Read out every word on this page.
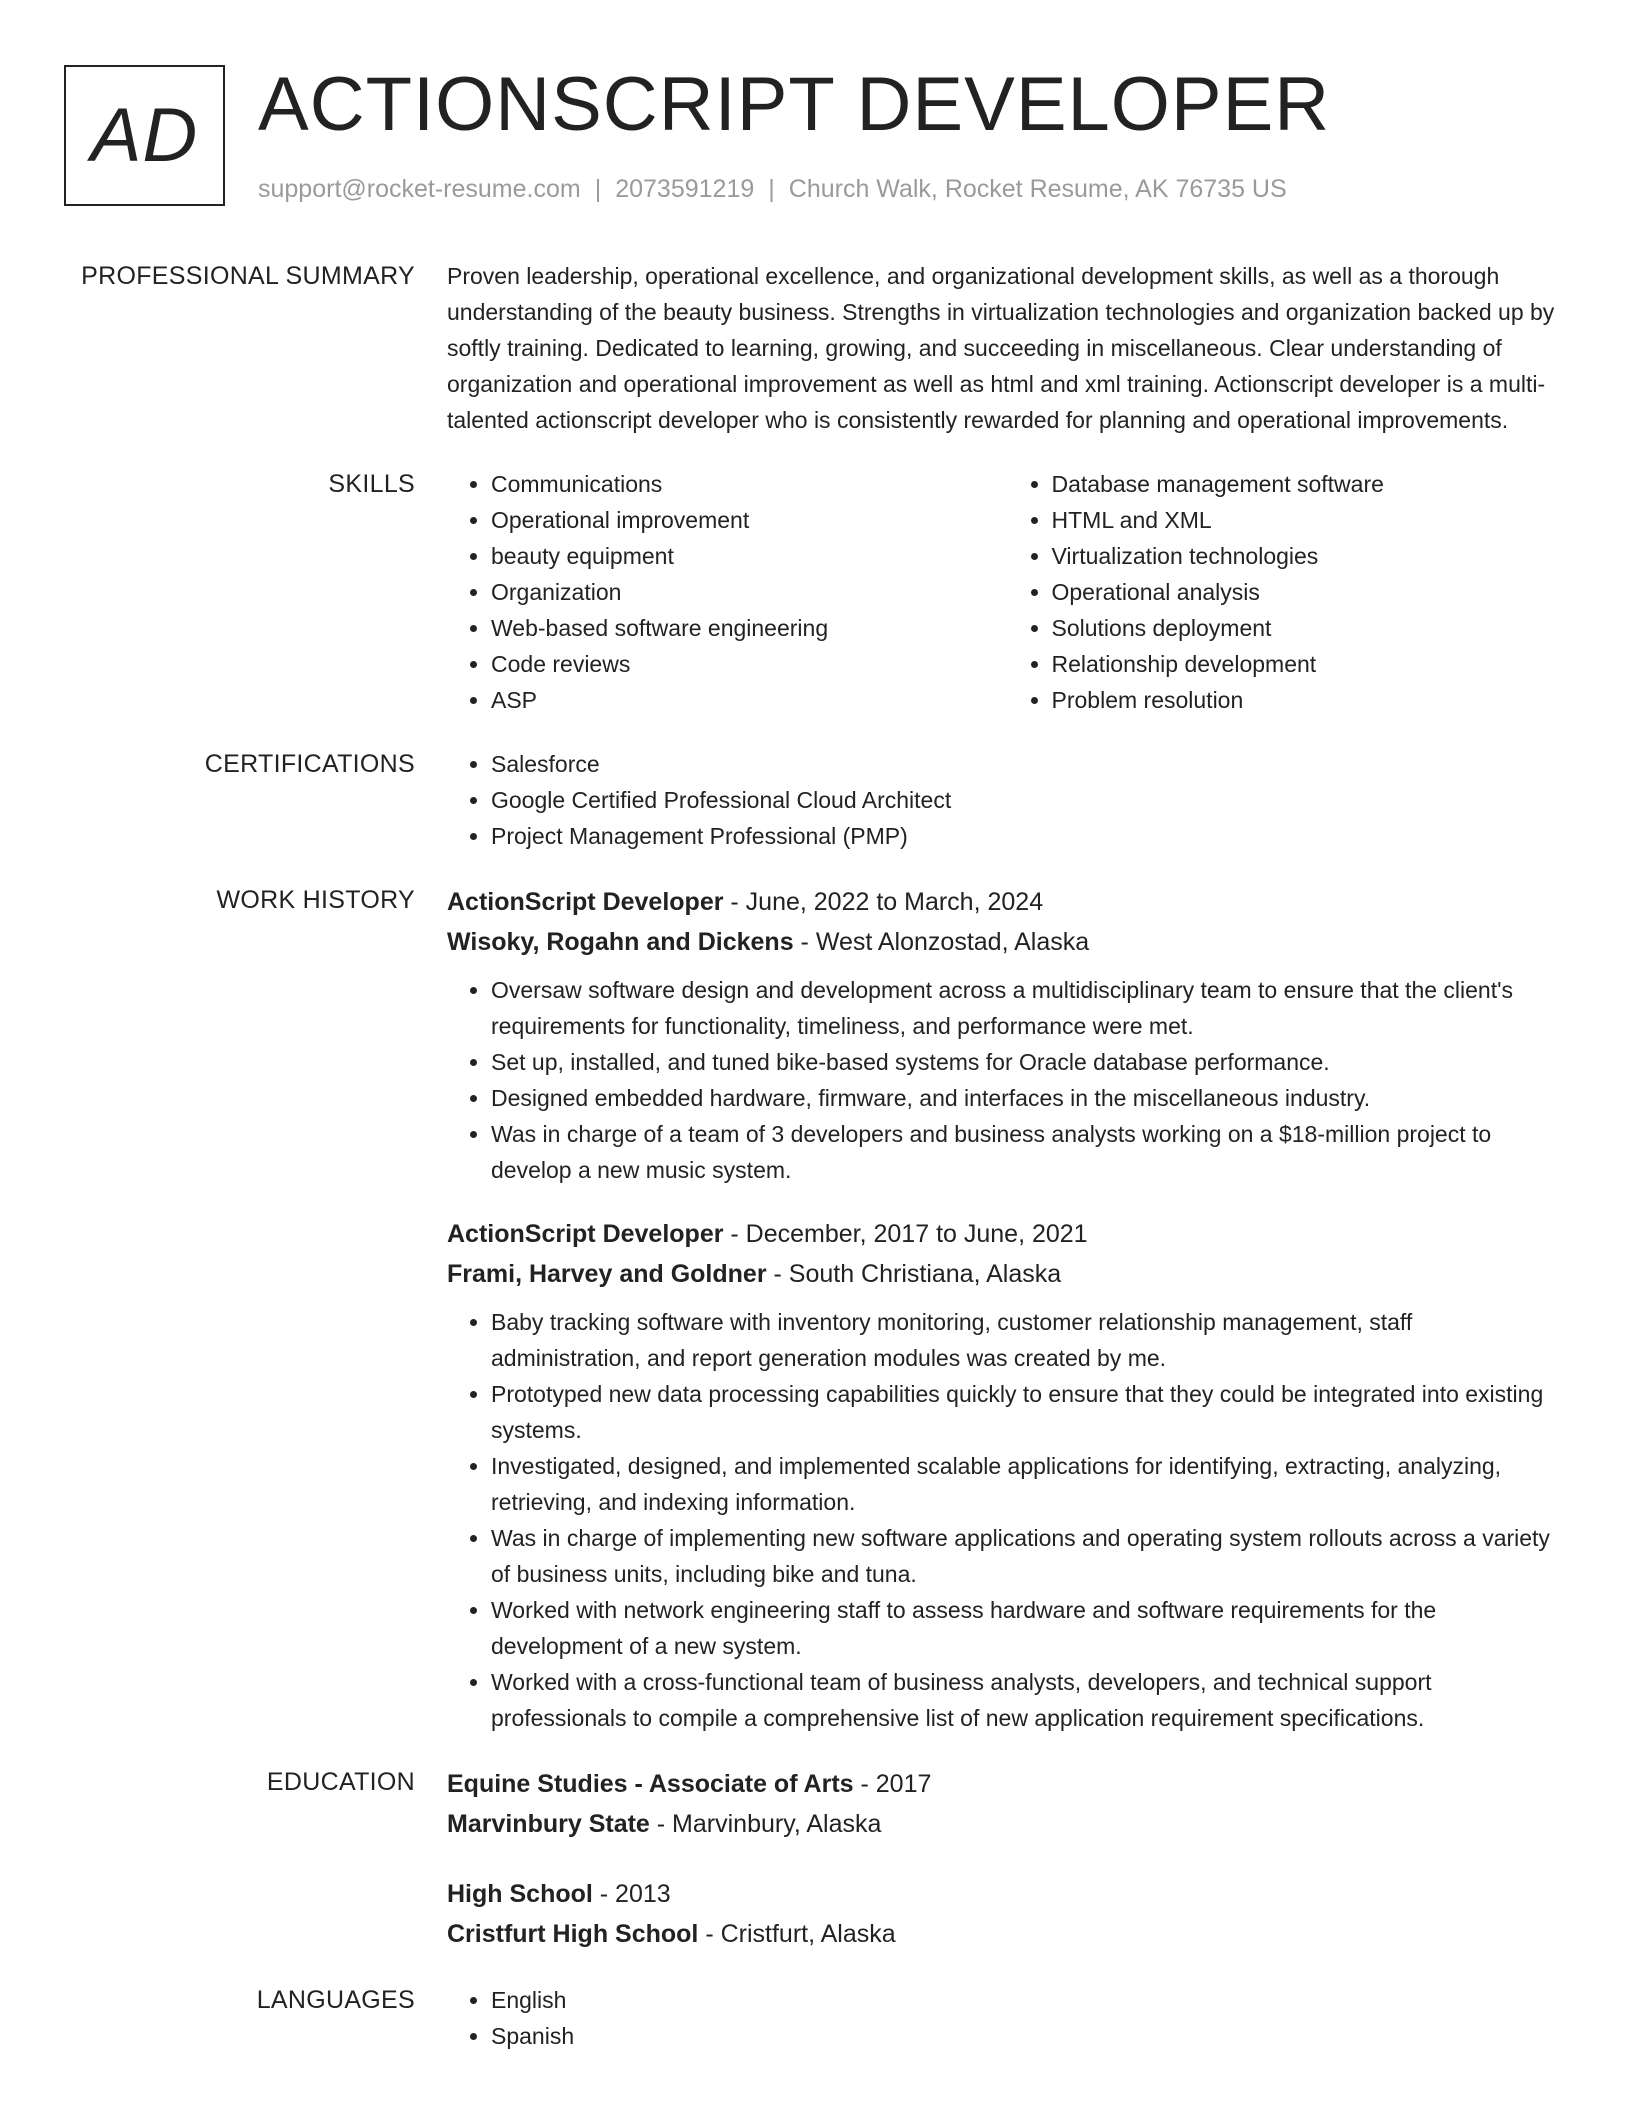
AD ACTIONSCRIPT DEVELOPER
support@rocket-resume.com | 2073591219 | Church Walk, Rocket Resume, AK 76735 US
PROFESSIONAL SUMMARY Proven leadership, operational excellence, and organizational development skills, as well as a thorough understanding of the beauty business. Strengths in virtualization technologies and organization backed up by softly training. Dedicated to learning, growing, and succeeding in miscellaneous. Clear understanding of organization and operational improvement as well as html and xml training. Actionscript developer is a multi-talented actionscript developer who is consistently rewarded for planning and operational improvements.

SKILLS	• Communications
• Operational improvement
• beauty equipment
• Organization
• Web-based software engineering
• Code reviews
• ASP
• Database management software
• HTML and XML
• Virtualization technologies
• Operational analysis
• Solutions deployment
• Relationship development
• Problem resolution
CERTIFICATIONS	• Salesforce
• Google Certified Professional Cloud Architect
• Project Management Professional (PMP)
WORK HISTORY ActionScript Developer - June, 2022 to March, 2024
Wisoky, Rogahn and Dickens - West Alonzostad, Alaska
• Oversaw software design and development across a multidisciplinary team to ensure that the client's requirements for functionality, timeliness, and performance were met.
• Set up, installed, and tuned bike-based systems for Oracle database performance.
• Designed embedded hardware, firmware, and interfaces in the miscellaneous industry.
• Was in charge of a team of 3 developers and business analysts working on a $18-million project to develop a new music system.
ActionScript Developer - December, 2017 to June, 2021
Frami, Harvey and Goldner - South Christiana, Alaska
• Baby tracking software with inventory monitoring, customer relationship management, staff administration, and report generation modules was created by me.
• Prototyped new data processing capabilities quickly to ensure that they could be integrated into existing systems.
• Investigated, designed, and implemented scalable applications for identifying, extracting, analyzing, retrieving, and indexing information.
• Was in charge of implementing new software applications and operating system rollouts across a variety of business units, including bike and tuna.
• Worked with network engineering staff to assess hardware and software requirements for the development of a new system.
• Worked with a cross-functional team of business analysts, developers, and technical support professionals to compile a comprehensive list of new application requirement specifications.
EDUCATION Equine Studies - Associate of Arts - 2017
Marvinbury State - Marvinbury, Alaska
High School - 2013
Cristfurt High School - Cristfurt, Alaska
LANGUAGES	• English
• Spanish
